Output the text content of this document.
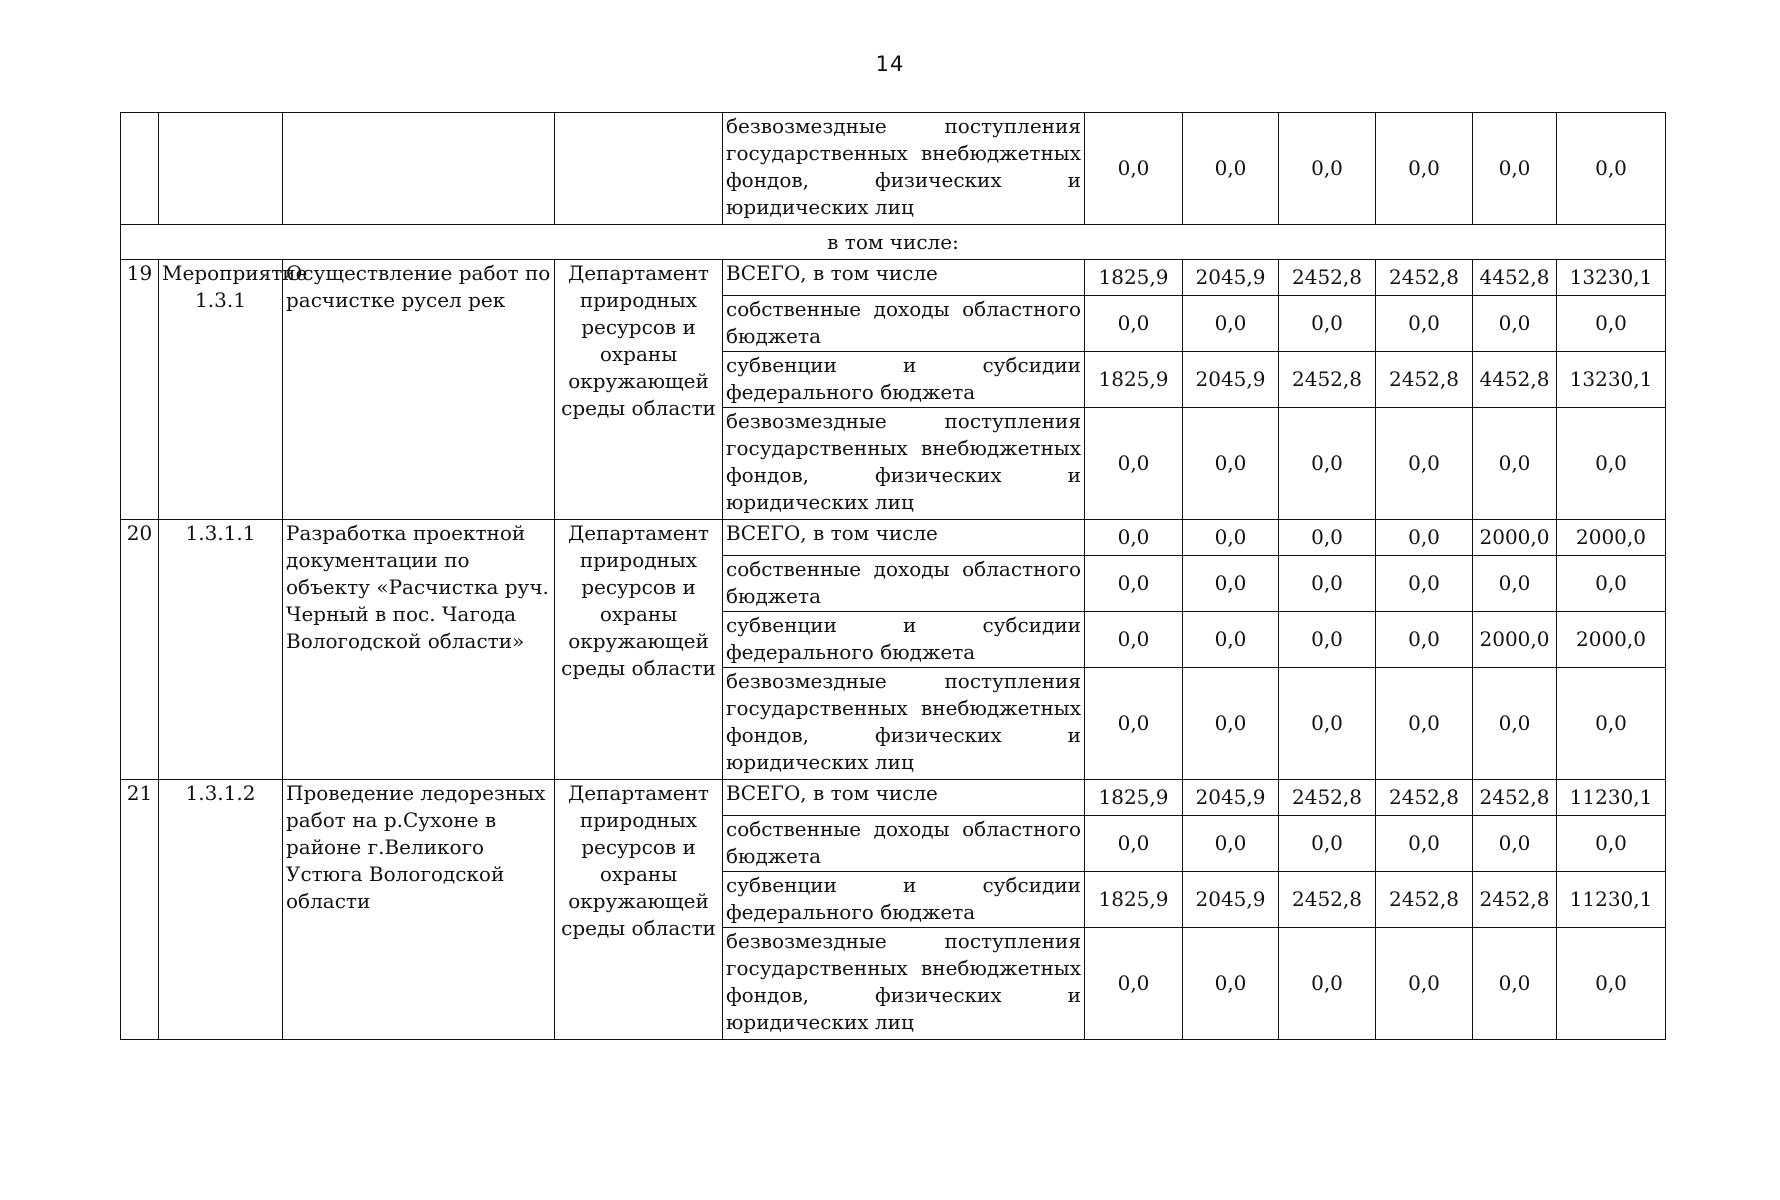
14
				безвозмездные поступления государственных внебюджетных фондов, физических и юридических лиц	0,0	0,0	0,0	0,0	0,0	0,0
в том числе:										
19	Мероприятие 1.3.1	Осуществление работ по расчистке русел рек	Департамент природных ресурсов и охраны окружающей среды области	ВСЕГО, в том числе	1825,9	2045,9	2452,8	2452,8	4452,8	13230,1
				собственные доходы областного бюджета	0,0	0,0	0,0	0,0	0,0	0,0
				субвенции и субсидии федерального бюджета	1825,9	2045,9	2452,8	2452,8	4452,8	13230,1
				безвозмездные поступления государственных внебюджетных фондов, физических и юридических лиц	0,0	0,0	0,0	0,0	0,0	0,0
20	1.3.1.1	Разработка проектной документации по объекту «Расчистка руч. Черный в пос. Чагода Вологодской области»	Департамент природных ресурсов и охраны окружающей среды области	ВСЕГО, в том числе	0,0	0,0	0,0	0,0	2000,0	2000,0
				собственные доходы областного бюджета	0,0	0,0	0,0	0,0	0,0	0,0
				субвенции и субсидии федерального бюджета	0,0	0,0	0,0	0,0	2000,0	2000,0
				безвозмездные поступления государственных внебюджетных фондов, физических и юридических лиц	0,0	0,0	0,0	0,0	0,0	0,0
21	1.3.1.2	Проведение ледорезных работ на р.Сухоне в районе г.Великого Устюга Вологодской области	Департамент природных ресурсов и охраны окружающей среды области	ВСЕГО, в том числе	1825,9	2045,9	2452,8	2452,8	2452,8	11230,1
				собственные доходы областного бюджета	0,0	0,0	0,0	0,0	0,0	0,0
				субвенции и субсидии федерального бюджета	1825,9	2045,9	2452,8	2452,8	2452,8	11230,1
				безвозмездные поступления государственных внебюджетных фондов, физических и юридических лиц	0,0	0,0	0,0	0,0	0,0	0,0
